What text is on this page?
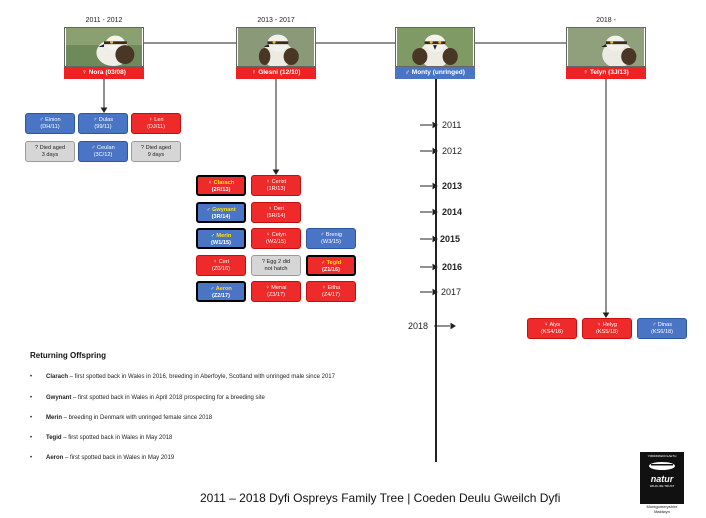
2011 - 2012
♀ Nora (03/08)
2013 - 2017
♀ Glesni (12/10)	♂ Monty (unringed)
2018 -
♀ Telyn (3J/13)
♂ Einion
(DH/11)
♂ Dulas
(99/11)
♀ Leri
(DJ/11)
? Died aged
3 days
♂ Ceulan
(3C/12)
? Died aged
9 days
♀ Clarach
(2R/13)
♀ Cerist
(1R/13)
♂ Gwynant
(3R/14)
♀ Deri
(5R/14)
♂ Merin
(W1/15)
♀ Celyn
(W2/15)
♂ Brenig
(W3/15)
♀ Ceri
(Z0/16)
? Egg 2 did
not hatch
♂ Tegid
(Z1/16)
♂ Aeron
(Z2/17)
♀ Menai
(Z3/17)
♀ Eitha
(Z4/17)
♀ Alys
(KS4/18)
♀ Helyg
(KS5/18)
♂ Dinas
(KS6/18)
2011
2012
2013
2014
2015
2016
2017
2018
Returning Offspring
• Clarach – first spotted back in Wales in 2016, breeding in Aberfoyle, Scotland with unringed male since 2017
• Gwynant – first spotted back in Wales in April 2018 prospecting for a breeding site
• Merin – breeding in Denmark with unringed female since 2018
• Tegid – first spotted back in Wales in May 2018
• Aeron – first spotted back in Wales in May 2019
2011 – 2018 Dyfi Ospreys Family Tree | Coeden Deulu Gweilch Dyfi
YMDDIRIEDOLAETH
natur
WILDLIFE TRUST
Montgomeryshire
Maldwyn
